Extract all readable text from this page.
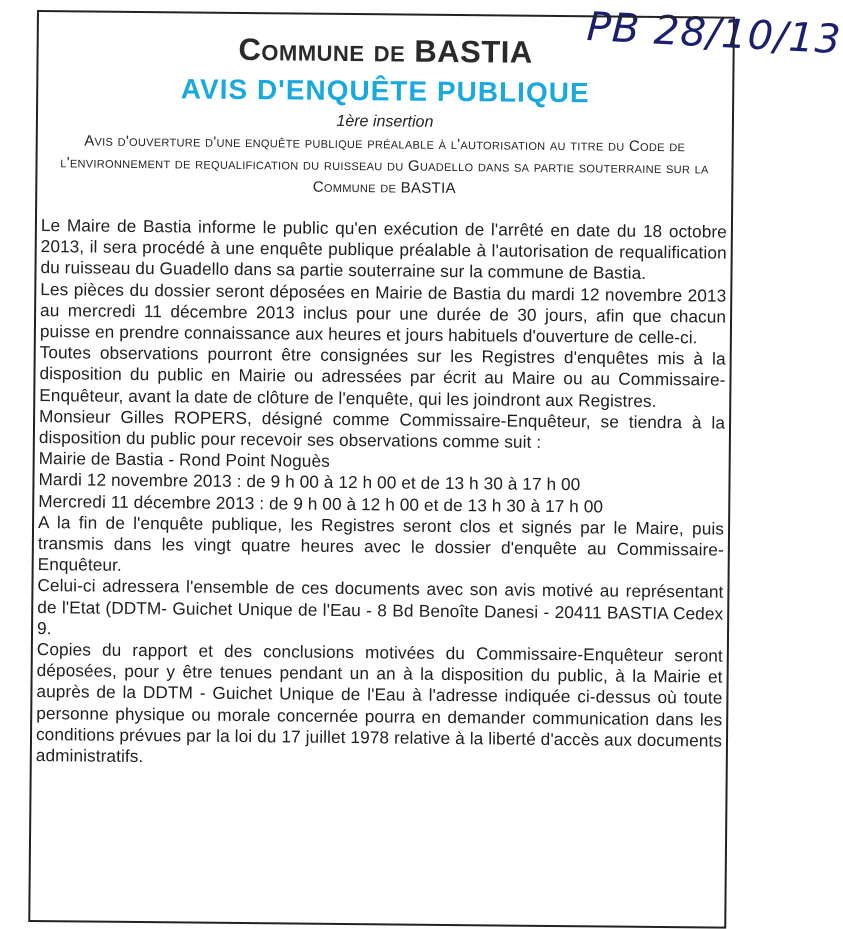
PB 28/10/13
Commune de BASTIA
AVIS D'ENQUÊTE PUBLIQUE
1ère insertion
Avis d'ouverture d'une enquête publique préalable à l'autorisation au titre du Code de l'environnement de requalification du ruisseau du Guadello dans sa partie souterraine sur la Commune de BASTIA

Le Maire de Bastia informe le public qu'en exécution de l'arrêté en date du 18 octobre 2013, il sera procédé à une enquête publique préalable à l'autorisation de requalification du ruisseau du Guadello dans sa partie souterraine sur la commune de Bastia.

Les pièces du dossier seront déposées en Mairie de Bastia du mardi 12 novembre 2013 au mercredi 11 décembre 2013 inclus pour une durée de 30 jours, afin que chacun puisse en prendre connaissance aux heures et jours habituels d'ouverture de celle-ci.

Toutes observations pourront être consignées sur les Registres d'enquêtes mis à la disposition du public en Mairie ou adressées par écrit au Maire ou au Commissaire-Enquêteur, avant la date de clôture de l'enquête, qui les joindront aux Registres.

Monsieur Gilles ROPERS, désigné comme Commissaire-Enquêteur, se tiendra à la disposition du public pour recevoir ses observations comme suit :

Mairie de Bastia - Rond Point Noguès
Mardi 12 novembre 2013 : de 9 h 00 à 12 h 00 et de 13 h 30 à 17 h 00
Mercredi 11 décembre 2013 : de 9 h 00 à 12 h 00 et de 13 h 30 à 17 h 00

A la fin de l'enquête publique, les Registres seront clos et signés par le Maire, puis transmis dans les vingt quatre heures avec le dossier d'enquête au Commissaire-Enquêteur.

Celui-ci adressera l'ensemble de ces documents avec son avis motivé au représentant de l'Etat (DDTM- Guichet Unique de l'Eau - 8 Bd Benoîte Danesi - 20411 BASTIA Cedex 9.

Copies du rapport et des conclusions motivées du Commissaire-Enquêteur seront déposées, pour y être tenues pendant un an à la disposition du public, à la Mairie et auprès de la DDTM - Guichet Unique de l'Eau à l'adresse indiquée ci-dessus où toute personne physique ou morale concernée pourra en demander communication dans les conditions prévues par la loi du 17 juillet 1978 relative à la liberté d'accès aux documents administratifs.
